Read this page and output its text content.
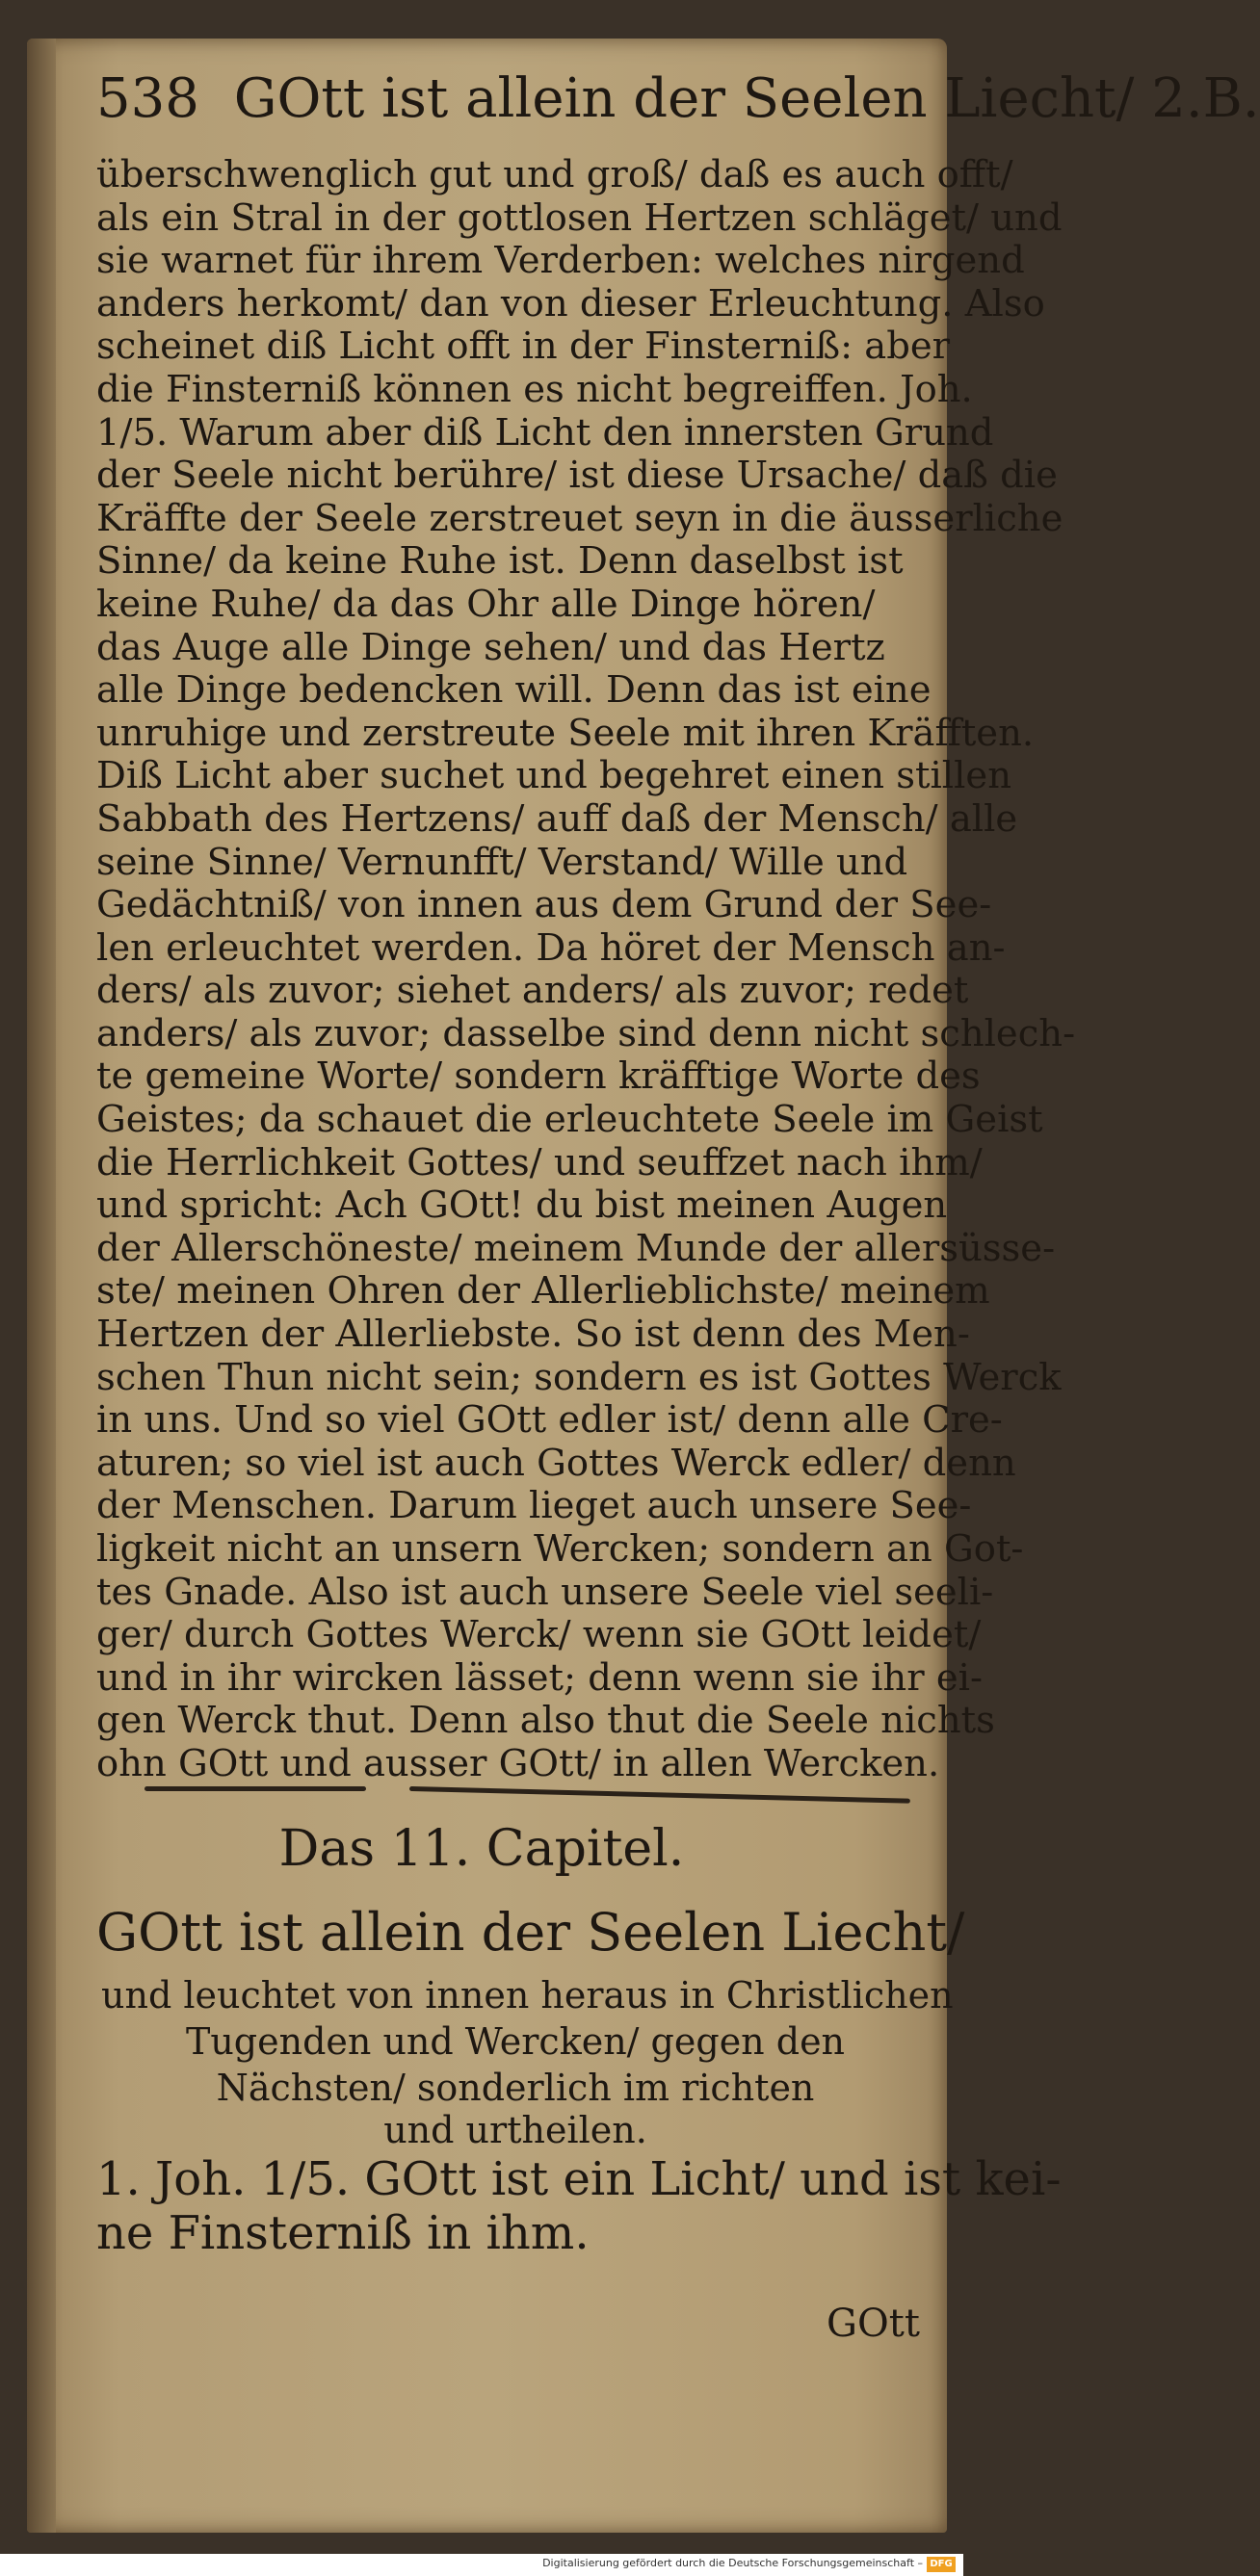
538 GOtt ist allein der Seelen Liecht/ 2.B.
überschwenglich gut und groß/ daß es auch offt/
als ein Stral in der gottlosen Hertzen schläget/ und
sie warnet für ihrem Verderben: welches nirgend
anders herkomt/ dan von dieser Erleuchtung. Also
scheinet diß Licht offt in der Finsterniß: aber
die Finsterniß können es nicht begreiffen. Joh.
1/5. Warum aber diß Licht den innersten Grund
der Seele nicht berühre/ ist diese Ursache/ daß die
Kräffte der Seele zerstreuet seyn in die äusserliche
Sinne/ da keine Ruhe ist. Denn daselbst ist
keine Ruhe/ da das Ohr alle Dinge hören/
das Auge alle Dinge sehen/ und das Hertz
alle Dinge bedencken will. Denn das ist eine
unruhige und zerstreute Seele mit ihren Kräfften.
Diß Licht aber suchet und begehret einen stillen
Sabbath des Hertzens/ auff daß der Mensch/ alle
seine Sinne/ Vernunfft/ Verstand/ Wille und
Gedächtniß/ von innen aus dem Grund der See-
len erleuchtet werden. Da höret der Mensch an-
ders/ als zuvor; siehet anders/ als zuvor; redet
anders/ als zuvor; dasselbe sind denn nicht schlech-
te gemeine Worte/ sondern kräfftige Worte des
Geistes; da schauet die erleuchtete Seele im Geist
die Herrlichkeit Gottes/ und seuffzet nach ihm/
und spricht: Ach GOtt! du bist meinen Augen
der Allerschöneste/ meinem Munde der allersüsse-
ste/ meinen Ohren der Allerlieblichste/ meinem
Hertzen der Allerliebste. So ist denn des Men-
schen Thun nicht sein; sondern es ist Gottes Werck
in uns. Und so viel GOtt edler ist/ denn alle Cre-
aturen; so viel ist auch Gottes Werck edler/ denn
der Menschen. Darum lieget auch unsere See-
ligkeit nicht an unsern Wercken; sondern an Got-
tes Gnade. Also ist auch unsere Seele viel seeli-
ger/ durch Gottes Werck/ wenn sie GOtt leidet/
und in ihr wircken lässet; denn wenn sie ihr ei-
gen Werck thut. Denn also thut die Seele nichts
ohn GOtt und ausser GOtt/ in allen Wercken.
Das 11. Capitel.
GOtt ist allein der Seelen Liecht/
und leuchtet von innen heraus in Christlichen
Tugenden und Wercken/ gegen den
Nächsten/ sonderlich im richten
und urtheilen.
1. Joh. 1/5. GOtt ist ein Licht/ und ist kei-
ne Finsterniß in ihm.
GOtt
Digitalisierung gefördert durch die Deutsche Forschungsgemeinschaft – DFG
